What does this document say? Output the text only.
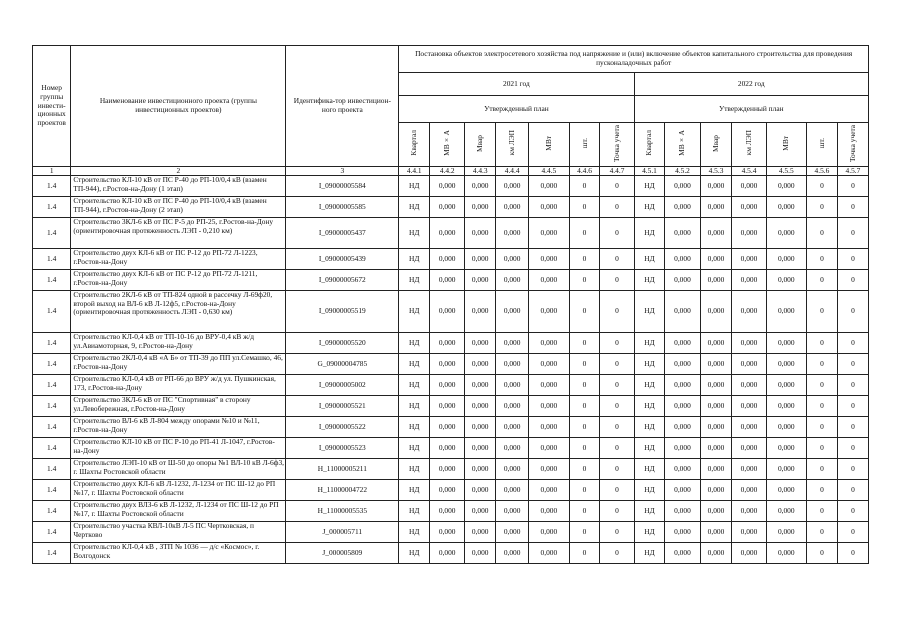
Номер группы инвести-ционных проектов	Наименование инвестиционного проекта (группы инвестиционных проектов)	Идентифика-тор инвестицион-ного проекта	Постановка объектов электросетевого хозяйства под напряжение и (или) включение объектов капитального строительства для проведения пусконаладочных работ													
			2021 год							2022 год						
			Утвержденный план							Утвержденный план						
			Квартал	МВ×А	Мвар	км ЛЭП	МВт	шт.	Точка учета	Квартал	МВ×А	Мвар	км ЛЭП	МВт	шт.	Точка учета
1	2	3	4.4.1	4.4.2	4.4.3	4.4.4	4.4.5	4.4.6	4.4.7	4.5.1	4.5.2	4.5.3	4.5.4	4.5.5	4.5.6	4.5.7
1.4	Строительство КЛ-10 кВ от ПС Р-40 до РП-10/0,4 кВ (взамен ТП-944), г.Ростов-на-Дону (1 этап)	I_09000005584	НД	0,000	0,000	0,000	0,000	0	0	НД	0,000	0,000	0,000	0,000	0	0
1.4	Строительство КЛ-10 кВ от ПС Р-40 до РП-10/0,4 кВ (взамен ТП-944), г.Ростов-на-Дону (2 этап)	I_09000005585	НД	0,000	0,000	0,000	0,000	0	0	НД	0,000	0,000	0,000	0,000	0	0
1.4	Строительство 3КЛ-6 кВ от ПС Р-5 до РП-25, г.Ростов-на-Дону (ориентировочная протяженность ЛЭП - 0,210 км)	I_09000005437	НД	0,000	0,000	0,000	0,000	0	0	НД	0,000	0,000	0,000	0,000	0	0
1.4	Строительство двух КЛ-6 кВ от ПС Р-12 до РП-72 Л-1223, г.Ростов-на-Дону	I_09000005439	НД	0,000	0,000	0,000	0,000	0	0	НД	0,000	0,000	0,000	0,000	0	0
1.4	Строительство двух КЛ-6 кВ от ПС Р-12 до РП-72 Л-1211, г.Ростов-на-Дону	I_09000005672	НД	0,000	0,000	0,000	0,000	0	0	НД	0,000	0,000	0,000	0,000	0	0
1.4	Строительство 2КЛ-6 кВ от ТП-824 одной в рассечку Л-69ф20, второй выход на ВЛ-6 кВ Л-12ф5, г.Ростов-на-Дону (ориентировочная протяженность ЛЭП - 0,630 км)	I_09000005519	НД	0,000	0,000	0,000	0,000	0	0	НД	0,000	0,000	0,000	0,000	0	0
1.4	Строительство КЛ-0,4 кВ от ТП-10-16 до ВРУ-0,4 кВ ж/д ул.Авиамоторная, 9, г.Ростов-на-Дону	I_09000005520	НД	0,000	0,000	0,000	0,000	0	0	НД	0,000	0,000	0,000	0,000	0	0
1.4	Строительство 2КЛ-0,4 кВ «А Б» от ТП-39 до ПП ул.Семашко, 46, г.Ростов-на-Дону	G_09000004785	НД	0,000	0,000	0,000	0,000	0	0	НД	0,000	0,000	0,000	0,000	0	0
1.4	Строительство КЛ-0,4 кВ от РП-66 до ВРУ ж/д ул. Пушкинская, 173, г.Ростов-на-Дону	I_09000005002	НД	0,000	0,000	0,000	0,000	0	0	НД	0,000	0,000	0,000	0,000	0	0
1.4	Строительство 3КЛ-6 кВ от ПС "Спортивная" в сторону ул.Левобережная, г.Ростов-на-Дону	I_09000005521	НД	0,000	0,000	0,000	0,000	0	0	НД	0,000	0,000	0,000	0,000	0	0
1.4	Строительство ВЛ-6 кВ Л-804 между опорами №10 и №11, г.Ростов-на-Дону	I_09000005522	НД	0,000	0,000	0,000	0,000	0	0	НД	0,000	0,000	0,000	0,000	0	0
1.4	Строительство КЛ-10 кВ от ПС Р-10 до РП-41 Л-1047, г.Ростов-на-Дону	I_09000005523	НД	0,000	0,000	0,000	0,000	0	0	НД	0,000	0,000	0,000	0,000	0	0
1.4	Строительство ЛЭП-10 кВ от Ш-50 до опоры №1 ВЛ-10 кВ Л-6ф3, г. Шахты Ростовской области	H_11000005211	НД	0,000	0,000	0,000	0,000	0	0	НД	0,000	0,000	0,000	0,000	0	0
1.4	Строительство двух КЛ-6 кВ Л-1232, Л-1234 от ПС Ш-12 до РП №17, г. Шахты Ростовской области	H_11000004722	НД	0,000	0,000	0,000	0,000	0	0	НД	0,000	0,000	0,000	0,000	0	0
1.4	Строительство двух ВЛЗ-6 кВ Л-1232, Л-1234 от ПС Ш-12 до РП №17, г. Шахты Ростовской области	H_11000005535	НД	0,000	0,000	0,000	0,000	0	0	НД	0,000	0,000	0,000	0,000	0	0
1.4	Строительство участка КВЛ-10кВ Л-5 ПС Чертковская, п Чертково	J_000005711	НД	0,000	0,000	0,000	0,000	0	0	НД	0,000	0,000	0,000	0,000	0	0
1.4	Строительство КЛ-0,4 кВ , ЗТП № 1036 — д/с «Космос», г. Волгодонск	J_000005809	НД	0,000	0,000	0,000	0,000	0	0	НД	0,000	0,000	0,000	0,000	0	0
